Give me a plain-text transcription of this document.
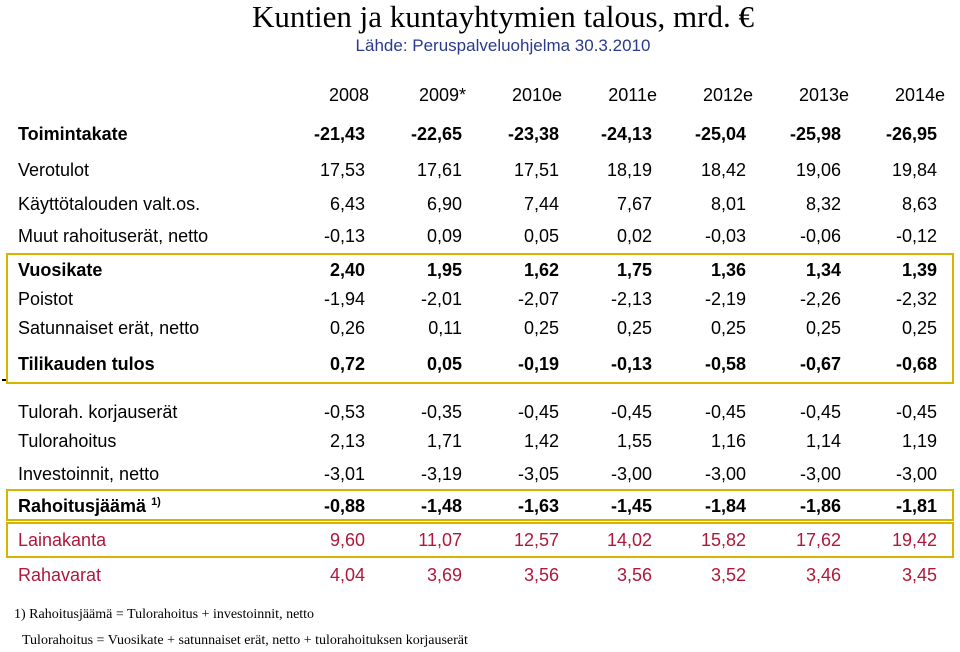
Kuntien ja kuntayhtymien talous, mrd. €
Lähde: Peruspalveluohjelma 30.3.2010
2008	2009*	2010e	2011e	2012e	2013e	2014e
Toimintakate	-21,43	-22,65	-23,38	-24,13	-25,04	-25,98	-26,95
Verotulot	17,53	17,61	17,51	18,19	18,42	19,06	19,84
Käyttötalouden valt.os.	6,43	6,90	7,44	7,67	8,01	8,32	8,63
Muut rahoituserät, netto	-0,13	0,09	0,05	0,02	-0,03	-0,06	-0,12
Vuosikate	2,40	1,95	1,62	1,75	1,36	1,34	1,39
Poistot	-1,94	-2,01	-2,07	-2,13	-2,19	-2,26	-2,32
Satunnaiset erät, netto	0,26	0,11	0,25	0,25	0,25	0,25	0,25
Tilikauden tulos	0,72	0,05	-0,19	-0,13	-0,58	-0,67	-0,68
Tulorah. korjauserät	-0,53	-0,35	-0,45	-0,45	-0,45	-0,45	-0,45
Tulorahoitus	2,13	1,71	1,42	1,55	1,16	1,14	1,19
Investoinnit, netto	-3,01	-3,19	-3,05	-3,00	-3,00	-3,00	-3,00
Rahoitusjäämä $^{1)}$	-0,88	-1,48	-1,63	-1,45	-1,84	-1,86	-1,81
Lainakanta	9,60	11,07	12,57	14,02	15,82	17,62	19,42
Rahavarat	4,04	3,69	3,56	3,56	3,52	3,46	3,45
1) Rahoitusjäämä = Tulorahoitus + investoinnit, netto
Tulorahoitus = Vuosikate + satunnaiset erät, netto + tulorahoituksen korjauserät
